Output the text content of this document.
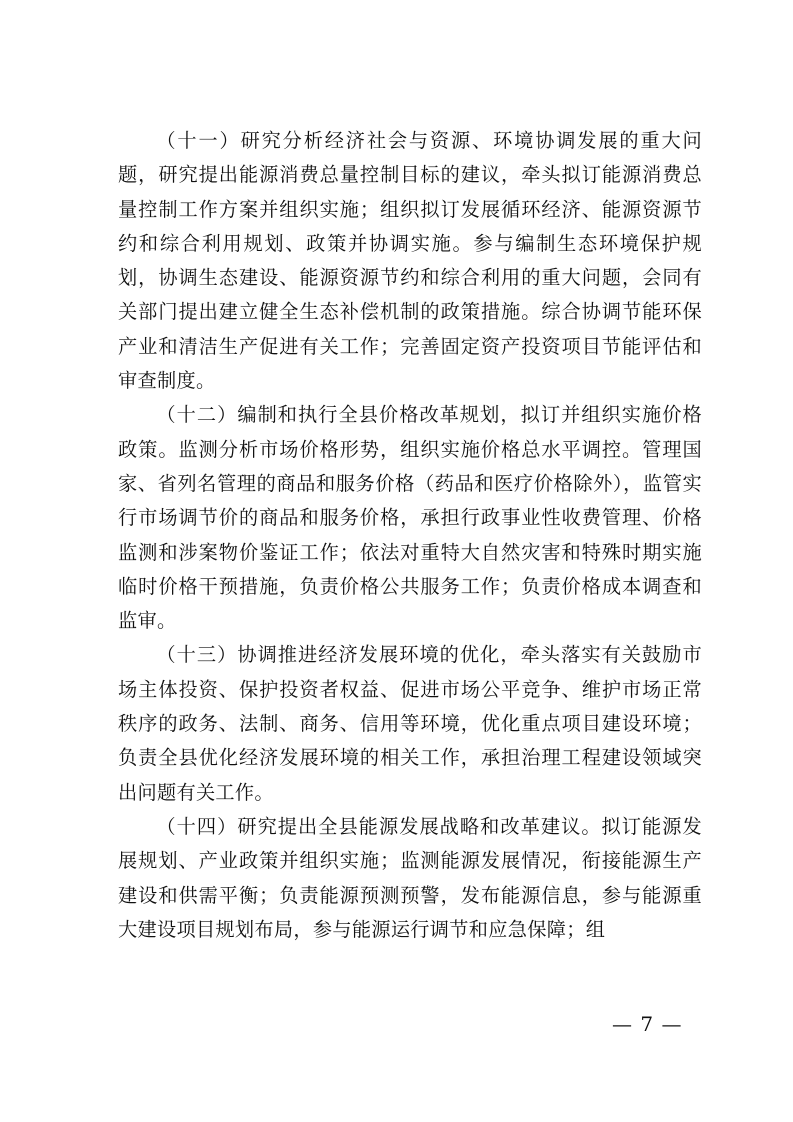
（十一）研究分析经济社会与资源、环境协调发展的重大问题，研究提出能源消费总量控制目标的建议，牵头拟订能源消费总量控制工作方案并组织实施；组织拟订发展循环经济、能源资源节约和综合利用规划、政策并协调实施。参与编制生态环境保护规划，协调生态建设、能源资源节约和综合利用的重大问题，会同有关部门提出建立健全生态补偿机制的政策措施。综合协调节能环保产业和清洁生产促进有关工作；完善固定资产投资项目节能评估和审查制度。

（十二）编制和执行全县价格改革规划，拟订并组织实施价格政策。监测分析市场价格形势，组织实施价格总水平调控。管理国家、省列名管理的商品和服务价格（药品和医疗价格除外），监管实行市场调节价的商品和服务价格，承担行政事业性收费管理、价格监测和涉案物价鉴证工作；依法对重特大自然灾害和特殊时期实施临时价格干预措施，负责价格公共服务工作；负责价格成本调查和监审。

（十三）协调推进经济发展环境的优化，牵头落实有关鼓励市场主体投资、保护投资者权益、促进市场公平竞争、维护市场正常秩序的政务、法制、商务、信用等环境，优化重点项目建设环境；负责全县优化经济发展环境的相关工作，承担治理工程建设领域突出问题有关工作。

（十四）研究提出全县能源发展战略和改革建议。拟订能源发展规划、产业政策并组织实施；监测能源发展情况，衔接能源生产建设和供需平衡；负责能源预测预警，发布能源信息，参与能源重大建设项目规划布局，参与能源运行调节和应急保障；组

— 7 —
